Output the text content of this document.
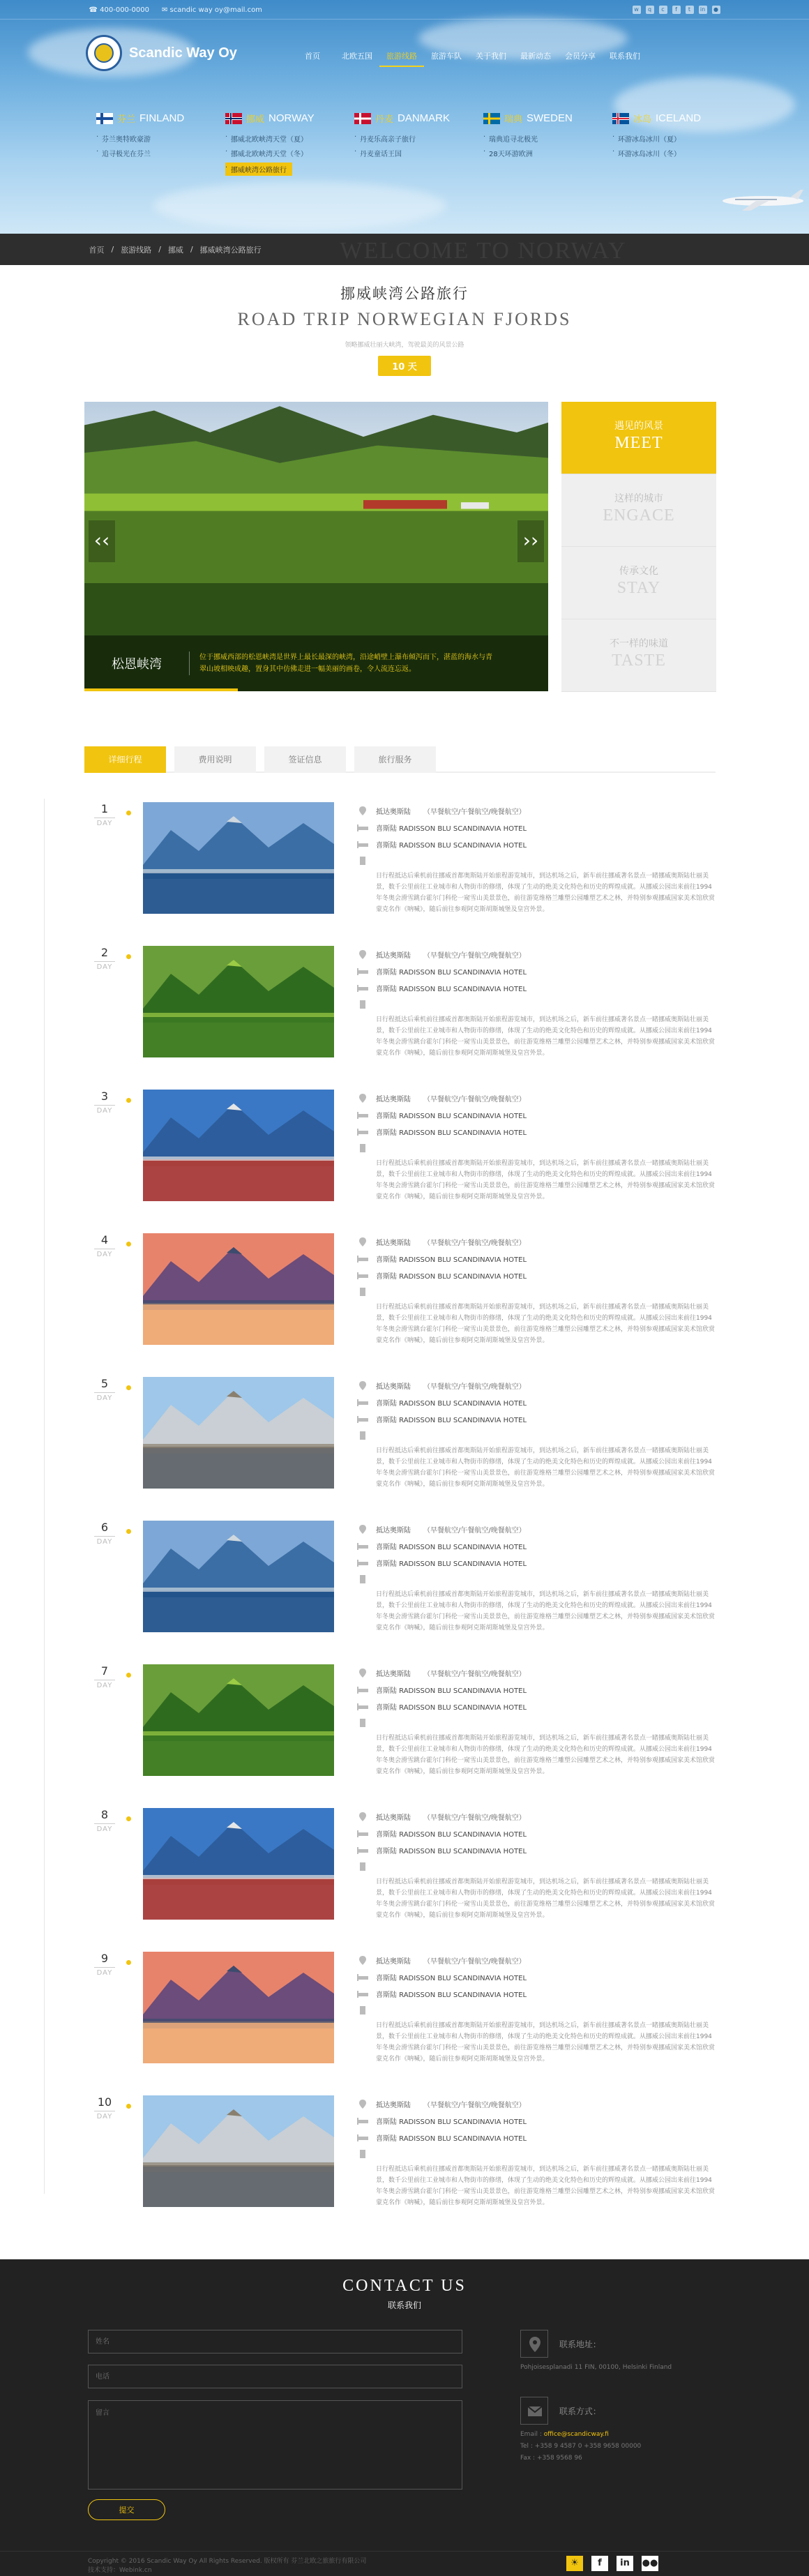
☎ 400-000-0000 ✉ scandic way oy@mail.com	w	q	c	f	t	in	●
Scandic Way Oy	首页	北欧五国	旅游线路	旅游车队	关于我们	最新动态	会员分享	联系我们
芬兰 FINLAND
· 芬兰奥特欧豪游
· 追寻极光在芬兰
挪威 NORWAY
· 挪威北欧峡湾天堂（夏）
· 挪威北欧峡湾天堂（冬）
· 挪威峡湾公路旅行
丹麦 DANMARK
· 丹麦乐高亲子旅行
· 丹麦童话王国
瑞典 SWEDEN
· 瑞典追寻北极光
· 28天环游欧洲
冰岛 ICELAND
· 环游冰岛冰川（夏）
· 环游冰岛冰川（冬）
WELCOME TO NORWAY
首页 / 旅游线路 / 挪威 / 挪威峡湾公路旅行
挪威峡湾公路旅行
ROAD TRIP NORWEGIAN FJORDS

领略挪威壮丽大峡湾，驾驶最美的风景公路

10 天
‹‹	››
松恩峡湾	位于挪威西部的松恩峡湾是世界上最长最深的峡湾，沿途峭壁上瀑布倾泻而下，湛蓝的海水与青翠山坡相映成趣，置身其中仿佛走进一幅美丽的画卷，令人流连忘返。
遇见的风景
MEET
这样的城市
ENGACE
传承文化
STAY
不一样的味道
TASTE
详细行程	费用说明	签证信息	旅行服务
1
DAY
抵达奥斯陆 （早餐航空/午餐航空/晚餐航空）
喜斯陆 RADISSON BLU SCANDINAVIA HOTEL
喜斯陆 RADISSON BLU SCANDINAVIA HOTEL
日行程抵达后乘机前往挪威首都奥斯陆开始旅程游览城市，到达机场之后，新车前往挪威著名景点一睹挪威奥斯陆壮丽美景，数千公里前往工业城市和人物街市的修缮，体现了生动的绝美文化特色和历史的辉煌成就。从挪威公园出来前往1994年冬奥会滑雪跳台霍尔门科伦一窥雪山美景景色，前往游览维格兰雕塑公园雕塑艺术之林，并特别参观挪威国家美术馆欣赏蒙克名作《呐喊》，随后前往参观阿克斯胡斯城堡及皇宫外景。
2
DAY
抵达奥斯陆 （早餐航空/午餐航空/晚餐航空）
喜斯陆 RADISSON BLU SCANDINAVIA HOTEL
喜斯陆 RADISSON BLU SCANDINAVIA HOTEL
日行程抵达后乘机前往挪威首都奥斯陆开始旅程游览城市，到达机场之后，新车前往挪威著名景点一睹挪威奥斯陆壮丽美景，数千公里前往工业城市和人物街市的修缮，体现了生动的绝美文化特色和历史的辉煌成就。从挪威公园出来前往1994年冬奥会滑雪跳台霍尔门科伦一窥雪山美景景色，前往游览维格兰雕塑公园雕塑艺术之林，并特别参观挪威国家美术馆欣赏蒙克名作《呐喊》，随后前往参观阿克斯胡斯城堡及皇宫外景。
3
DAY
抵达奥斯陆 （早餐航空/午餐航空/晚餐航空）
喜斯陆 RADISSON BLU SCANDINAVIA HOTEL
喜斯陆 RADISSON BLU SCANDINAVIA HOTEL
日行程抵达后乘机前往挪威首都奥斯陆开始旅程游览城市，到达机场之后，新车前往挪威著名景点一睹挪威奥斯陆壮丽美景，数千公里前往工业城市和人物街市的修缮，体现了生动的绝美文化特色和历史的辉煌成就。从挪威公园出来前往1994年冬奥会滑雪跳台霍尔门科伦一窥雪山美景景色，前往游览维格兰雕塑公园雕塑艺术之林，并特别参观挪威国家美术馆欣赏蒙克名作《呐喊》，随后前往参观阿克斯胡斯城堡及皇宫外景。
4
DAY
抵达奥斯陆 （早餐航空/午餐航空/晚餐航空）
喜斯陆 RADISSON BLU SCANDINAVIA HOTEL
喜斯陆 RADISSON BLU SCANDINAVIA HOTEL
日行程抵达后乘机前往挪威首都奥斯陆开始旅程游览城市，到达机场之后，新车前往挪威著名景点一睹挪威奥斯陆壮丽美景，数千公里前往工业城市和人物街市的修缮，体现了生动的绝美文化特色和历史的辉煌成就。从挪威公园出来前往1994年冬奥会滑雪跳台霍尔门科伦一窥雪山美景景色，前往游览维格兰雕塑公园雕塑艺术之林，并特别参观挪威国家美术馆欣赏蒙克名作《呐喊》，随后前往参观阿克斯胡斯城堡及皇宫外景。
5
DAY
抵达奥斯陆 （早餐航空/午餐航空/晚餐航空）
喜斯陆 RADISSON BLU SCANDINAVIA HOTEL
喜斯陆 RADISSON BLU SCANDINAVIA HOTEL
日行程抵达后乘机前往挪威首都奥斯陆开始旅程游览城市，到达机场之后，新车前往挪威著名景点一睹挪威奥斯陆壮丽美景，数千公里前往工业城市和人物街市的修缮，体现了生动的绝美文化特色和历史的辉煌成就。从挪威公园出来前往1994年冬奥会滑雪跳台霍尔门科伦一窥雪山美景景色，前往游览维格兰雕塑公园雕塑艺术之林，并特别参观挪威国家美术馆欣赏蒙克名作《呐喊》，随后前往参观阿克斯胡斯城堡及皇宫外景。
6
DAY
抵达奥斯陆 （早餐航空/午餐航空/晚餐航空）
喜斯陆 RADISSON BLU SCANDINAVIA HOTEL
喜斯陆 RADISSON BLU SCANDINAVIA HOTEL
日行程抵达后乘机前往挪威首都奥斯陆开始旅程游览城市，到达机场之后，新车前往挪威著名景点一睹挪威奥斯陆壮丽美景，数千公里前往工业城市和人物街市的修缮，体现了生动的绝美文化特色和历史的辉煌成就。从挪威公园出来前往1994年冬奥会滑雪跳台霍尔门科伦一窥雪山美景景色，前往游览维格兰雕塑公园雕塑艺术之林，并特别参观挪威国家美术馆欣赏蒙克名作《呐喊》，随后前往参观阿克斯胡斯城堡及皇宫外景。
7
DAY
抵达奥斯陆 （早餐航空/午餐航空/晚餐航空）
喜斯陆 RADISSON BLU SCANDINAVIA HOTEL
喜斯陆 RADISSON BLU SCANDINAVIA HOTEL
日行程抵达后乘机前往挪威首都奥斯陆开始旅程游览城市，到达机场之后，新车前往挪威著名景点一睹挪威奥斯陆壮丽美景，数千公里前往工业城市和人物街市的修缮，体现了生动的绝美文化特色和历史的辉煌成就。从挪威公园出来前往1994年冬奥会滑雪跳台霍尔门科伦一窥雪山美景景色，前往游览维格兰雕塑公园雕塑艺术之林，并特别参观挪威国家美术馆欣赏蒙克名作《呐喊》，随后前往参观阿克斯胡斯城堡及皇宫外景。
8
DAY
抵达奥斯陆 （早餐航空/午餐航空/晚餐航空）
喜斯陆 RADISSON BLU SCANDINAVIA HOTEL
喜斯陆 RADISSON BLU SCANDINAVIA HOTEL
日行程抵达后乘机前往挪威首都奥斯陆开始旅程游览城市，到达机场之后，新车前往挪威著名景点一睹挪威奥斯陆壮丽美景，数千公里前往工业城市和人物街市的修缮，体现了生动的绝美文化特色和历史的辉煌成就。从挪威公园出来前往1994年冬奥会滑雪跳台霍尔门科伦一窥雪山美景景色，前往游览维格兰雕塑公园雕塑艺术之林，并特别参观挪威国家美术馆欣赏蒙克名作《呐喊》，随后前往参观阿克斯胡斯城堡及皇宫外景。
9
DAY
抵达奥斯陆 （早餐航空/午餐航空/晚餐航空）
喜斯陆 RADISSON BLU SCANDINAVIA HOTEL
喜斯陆 RADISSON BLU SCANDINAVIA HOTEL
日行程抵达后乘机前往挪威首都奥斯陆开始旅程游览城市，到达机场之后，新车前往挪威著名景点一睹挪威奥斯陆壮丽美景，数千公里前往工业城市和人物街市的修缮，体现了生动的绝美文化特色和历史的辉煌成就。从挪威公园出来前往1994年冬奥会滑雪跳台霍尔门科伦一窥雪山美景景色，前往游览维格兰雕塑公园雕塑艺术之林，并特别参观挪威国家美术馆欣赏蒙克名作《呐喊》，随后前往参观阿克斯胡斯城堡及皇宫外景。
10
DAY
抵达奥斯陆 （早餐航空/午餐航空/晚餐航空）
喜斯陆 RADISSON BLU SCANDINAVIA HOTEL
喜斯陆 RADISSON BLU SCANDINAVIA HOTEL
日行程抵达后乘机前往挪威首都奥斯陆开始旅程游览城市，到达机场之后，新车前往挪威著名景点一睹挪威奥斯陆壮丽美景，数千公里前往工业城市和人物街市的修缮，体现了生动的绝美文化特色和历史的辉煌成就。从挪威公园出来前往1994年冬奥会滑雪跳台霍尔门科伦一窥雪山美景景色，前往游览维格兰雕塑公园雕塑艺术之林，并特别参观挪威国家美术馆欣赏蒙克名作《呐喊》，随后前往参观阿克斯胡斯城堡及皇宫外景。
CONTACT US
联系我们
姓名
电话
留言
提交
联系地址：
Pohjoisesplanadi 11 FIN, 00100, Helsinki Finland
联系方式：
Email : office@scandicway.fi
Tel : +358 9 4587 0 +358 9658 00000
Fax : +358 9568 96
Copyright © 2016 Scandic Way Oy All Rights Reserved. 版权所有 芬兰北欧之旅旅行有限公司
技术支持：Webink.cn
☀	f	in	●●
